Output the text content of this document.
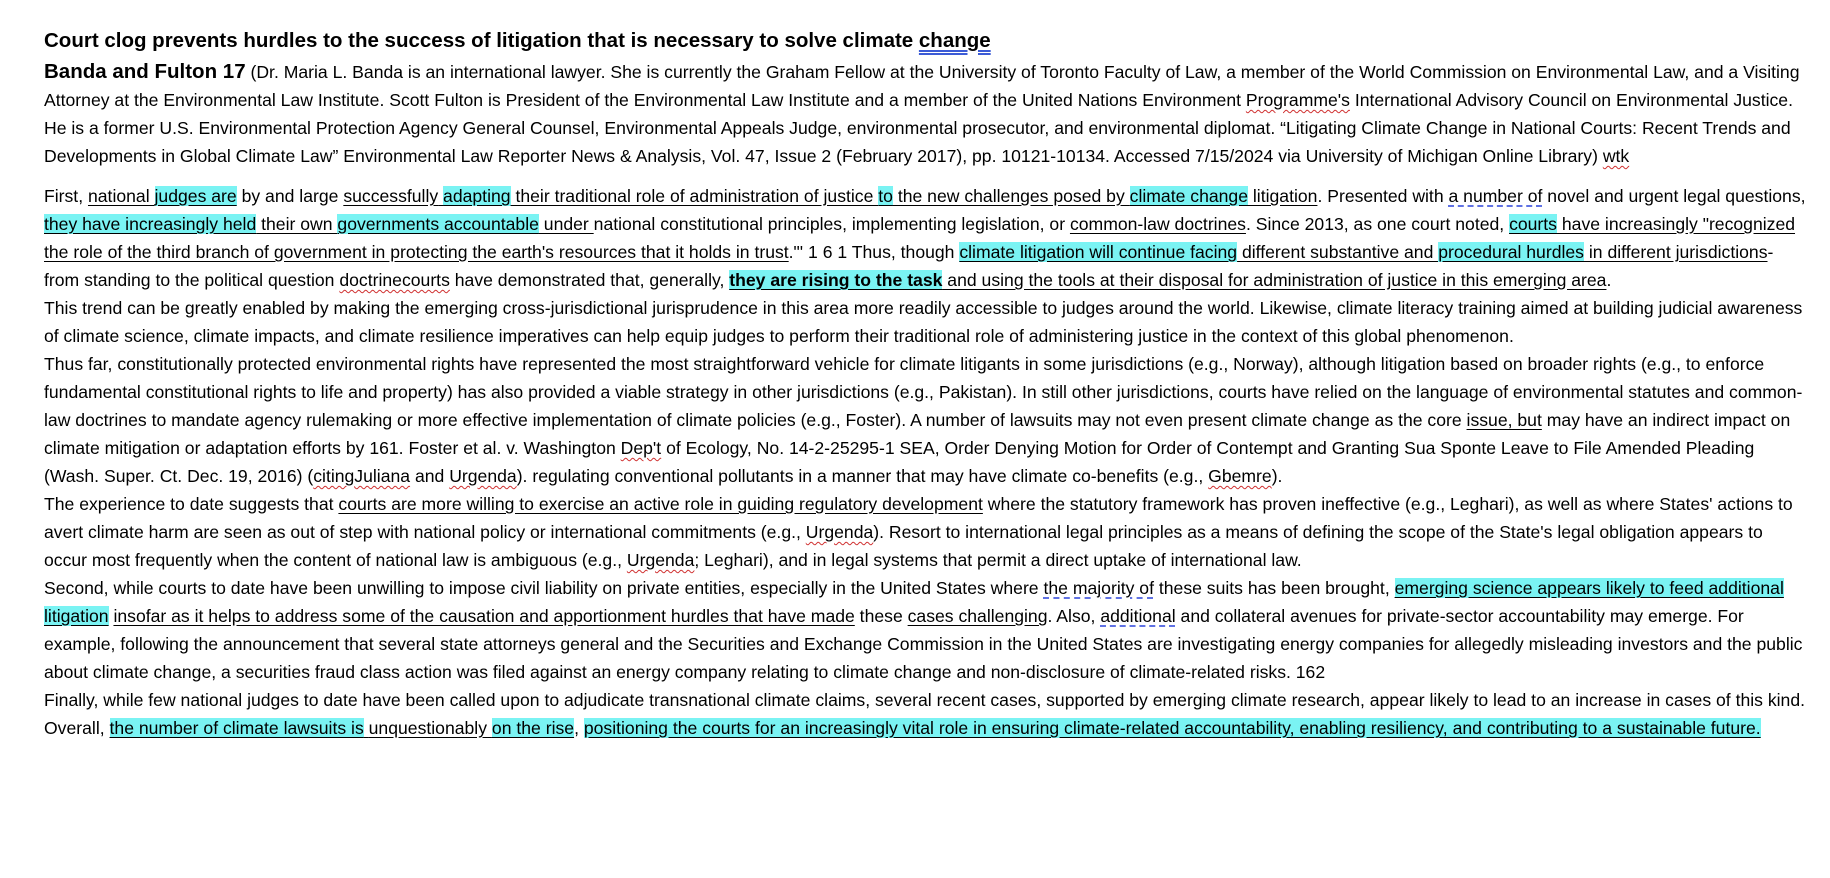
Court clog prevents hurdles to the success of litigation that is necessary to solve climate change
Banda and Fulton 17 (Dr. Maria L. Banda is an international lawyer. She is currently the Graham Fellow at the University of Toronto Faculty of Law, a member of the World Commission on Environmental Law, and a Visiting Attorney at the Environmental Law Institute. Scott Fulton is President of the Environmental Law Institute and a member of the United Nations Environment Programme's International Advisory Council on Environmental Justice. He is a former U.S. Environmental Protection Agency General Counsel, Environmental Appeals Judge, environmental prosecutor, and environmental diplomat. “Litigating Climate Change in National Courts: Recent Trends and Developments in Global Climate Law” Environmental Law Reporter News & Analysis, Vol. 47, Issue 2 (February 2017), pp. 10121-10134. Accessed 7/15/2024 via University of Michigan Online Library) wtk

First, national judges are by and large successfully adapting their traditional role of administration of justice to the new challenges posed by climate change litigation. Presented with a number of novel and urgent legal questions, they have increasingly held their own governments accountable under national constitutional principles, implementing legislation, or common-law doctrines. Since 2013, as one court noted, courts have increasingly "recognized the role of the third branch of government in protecting the earth's resources that it holds in trust."' 1 6 1 Thus, though climate litigation will continue facing different substantive and procedural hurdles in different jurisdictions-from standing to the political question doctrinecourts have demonstrated that, generally, they are rising to the task and using the tools at their disposal for administration of justice in this emerging area.

This trend can be greatly enabled by making the emerging cross-jurisdictional jurisprudence in this area more readily accessible to judges around the world. Likewise, climate literacy training aimed at building judicial awareness of climate science, climate impacts, and climate resilience imperatives can help equip judges to perform their traditional role of administering justice in the context of this global phenomenon.

Thus far, constitutionally protected environmental rights have represented the most straightforward vehicle for climate litigants in some jurisdictions (e.g., Norway), although litigation based on broader rights (e.g., to enforce fundamental constitutional rights to life and property) has also provided a viable strategy in other jurisdictions (e.g., Pakistan). In still other jurisdictions, courts have relied on the language of environmental statutes and common-law doctrines to mandate agency rulemaking or more effective implementation of climate policies (e.g., Foster). A number of lawsuits may not even present climate change as the core issue, but may have an indirect impact on climate mitigation or adaptation efforts by 161. Foster et al. v. Washington Dep't of Ecology, No. 14-2-25295-1 SEA, Order Denying Motion for Order of Contempt and Granting Sua Sponte Leave to File Amended Pleading (Wash. Super. Ct. Dec. 19, 2016) (citingJuliana and Urgenda). regulating conventional pollutants in a manner that may have climate co-benefits (e.g., Gbemre).

The experience to date suggests that courts are more willing to exercise an active role in guiding regulatory development where the statutory framework has proven ineffective (e.g., Leghari), as well as where States' actions to avert climate harm are seen as out of step with national policy or international commitments (e.g., Urgenda). Resort to international legal principles as a means of defining the scope of the State's legal obligation appears to occur most frequently when the content of national law is ambiguous (e.g., Urgenda; Leghari), and in legal systems that permit a direct uptake of international law.

Second, while courts to date have been unwilling to impose civil liability on private entities, especially in the United States where the majority of these suits has been brought, emerging science appears likely to feed additional litigation insofar as it helps to address some of the causation and apportionment hurdles that have made these cases challenging. Also, additional and collateral avenues for private-sector accountability may emerge. For example, following the announcement that several state attorneys general and the Securities and Exchange Commission in the United States are investigating energy companies for allegedly misleading investors and the public about climate change, a securities fraud class action was filed against an energy company relating to climate change and non-disclosure of climate-related risks. 162

Finally, while few national judges to date have been called upon to adjudicate transnational climate claims, several recent cases, supported by emerging climate research, appear likely to lead to an increase in cases of this kind.

Overall, the number of climate lawsuits is unquestionably on the rise, positioning the courts for an increasingly vital role in ensuring climate-related accountability, enabling resiliency, and contributing to a sustainable future.
